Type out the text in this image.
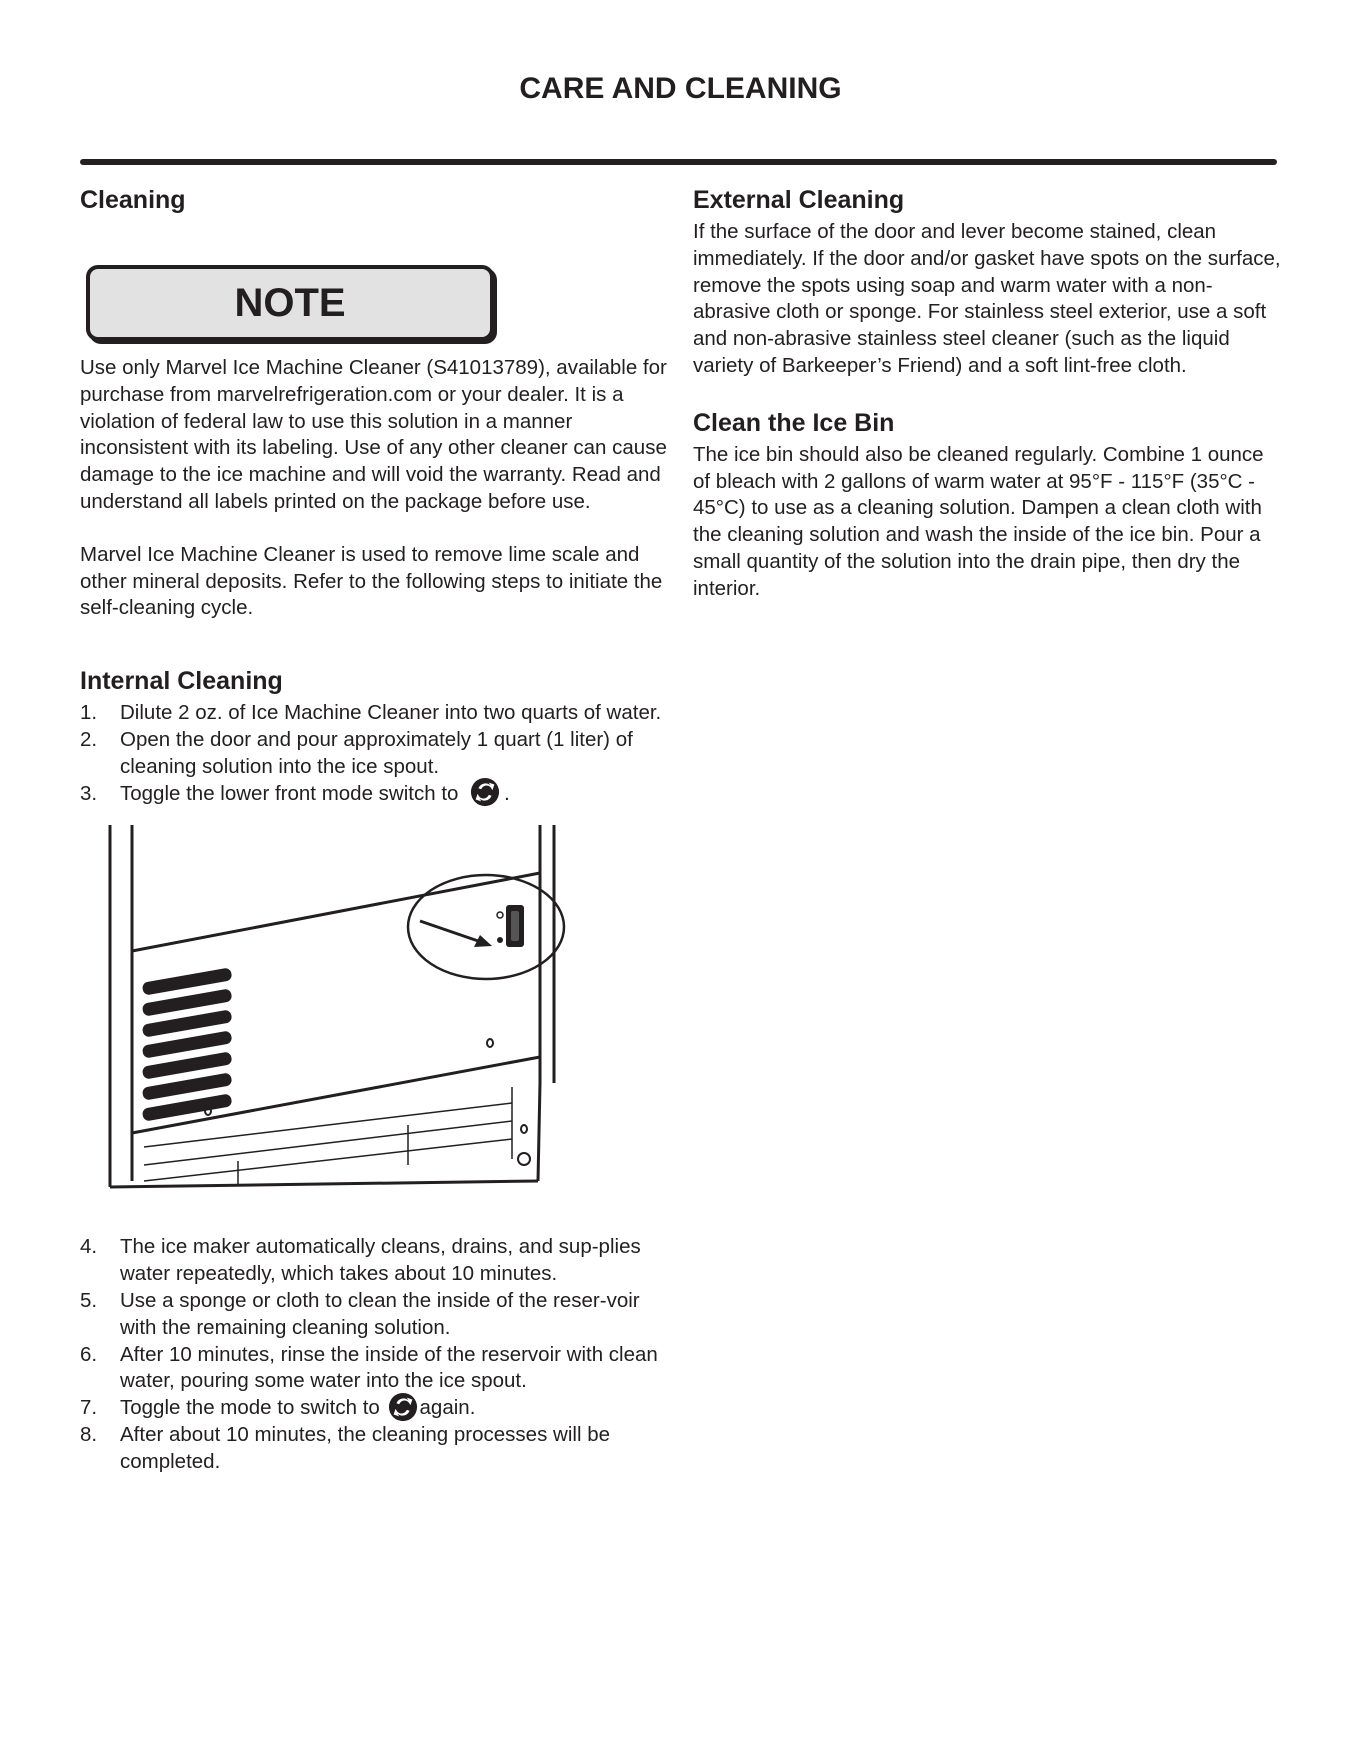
CARE AND CLEANING
Cleaning
NOTE

Use only Marvel Ice Machine Cleaner (S41013789), available for purchase from marvelrefrigeration.com or your dealer. It is a violation of federal law to use this solution in a manner inconsistent with its labeling. Use of any other cleaner can cause damage to the ice machine and will void the warranty. Read and understand all labels printed on the package before use.

Marvel Ice Machine Cleaner is used to remove lime scale and other mineral deposits. Refer to the following steps to initiate the self-cleaning cycle.

Internal Cleaning
1. Dilute 2 oz. of Ice Machine Cleaner into two quarts of water.
2. Open the door and pour approximately 1 quart (1 liter) of cleaning solution into the ice spout.
3. Toggle the lower front mode switch to .
4. The ice maker automatically cleans, drains, and sup-plies water repeatedly, which takes about 10 minutes.
5. Use a sponge or cloth to clean the inside of the reser-voir with the remaining cleaning solution.
6. After 10 minutes, rinse the inside of the reservoir with clean water, pouring some water into the ice spout.
7. Toggle the mode to switch to again.
8. After about 10 minutes, the cleaning processes will be completed.
External Cleaning

If the surface of the door and lever become stained, clean immediately. If the door and/or gasket have spots on the surface, remove the spots using soap and warm water with a non-abrasive cloth or sponge. For stainless steel exterior, use a soft and non-abrasive stainless steel cleaner (such as the liquid variety of Barkeeper’s Friend) and a soft lint-free cloth.

Clean the Ice Bin

The ice bin should also be cleaned regularly. Combine 1 ounce of bleach with 2 gallons of warm water at 95°F - 115°F (35°C - 45°C) to use as a cleaning solution. Dampen a clean cloth with the cleaning solution and wash the inside of the ice bin. Pour a small quantity of the solution into the drain pipe, then dry the interior.
